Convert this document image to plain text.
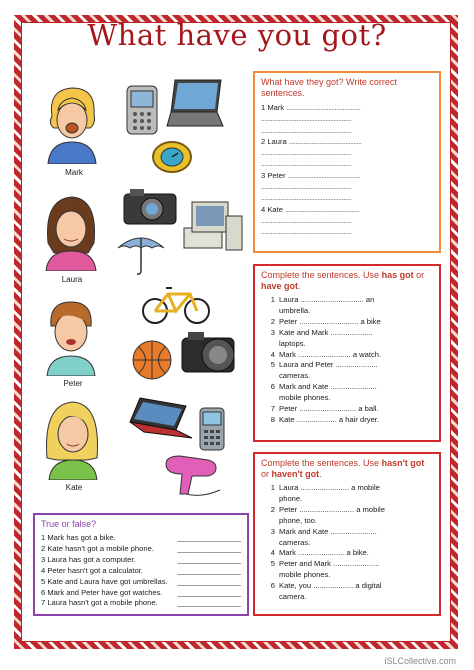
What have you got?
Mark
Laura
Peter
Kate
What have they got? Write correct sentences.
1 Mark ..............................................
........................................................
........................................................
2 Laura .............................................
........................................................
........................................................
3 Peter .............................................
........................................................
........................................................
4 Kate ..............................................
........................................................
........................................................
Complete the sentences. Use has got or have got.
1 Laura .............................. an
umbrella.
2 Peter ............................ a bike
3 Kate and Mark ....................
laptops.
4 Mark ......................... a watch.
5 Laura and Peter ....................
cameras.
6 Mark and Kate ......................
mobile phones.
7 Peter ........................... a ball.
8 Kate ................... a hair dryer.
Complete the sentences. Use hasn't got or haven't got.
1 Laura ....................... a mobile
phone.
2 Peter .......................... a mobile
phone, too.
3 Mark and Kate ......................
cameras.
4 Mark ...................... a bike.
5 Peter and Mark ......................
mobile phones.
6 Kate, you ................... a digital
camera.
True or false?
1 Mark has got a bike.	_______________
2 Kate hasn't got a mobile phone.	_______________
3 Laura has got a computer.	_______________
4 Peter hasn't got a calculator.	_______________
5 Kate and Laura have got umbrellas. _______________
6 Mark and Peter have got watches. _______________
7 Laura hasn't got a mobile phone.	_______________
iSLCollective.com
